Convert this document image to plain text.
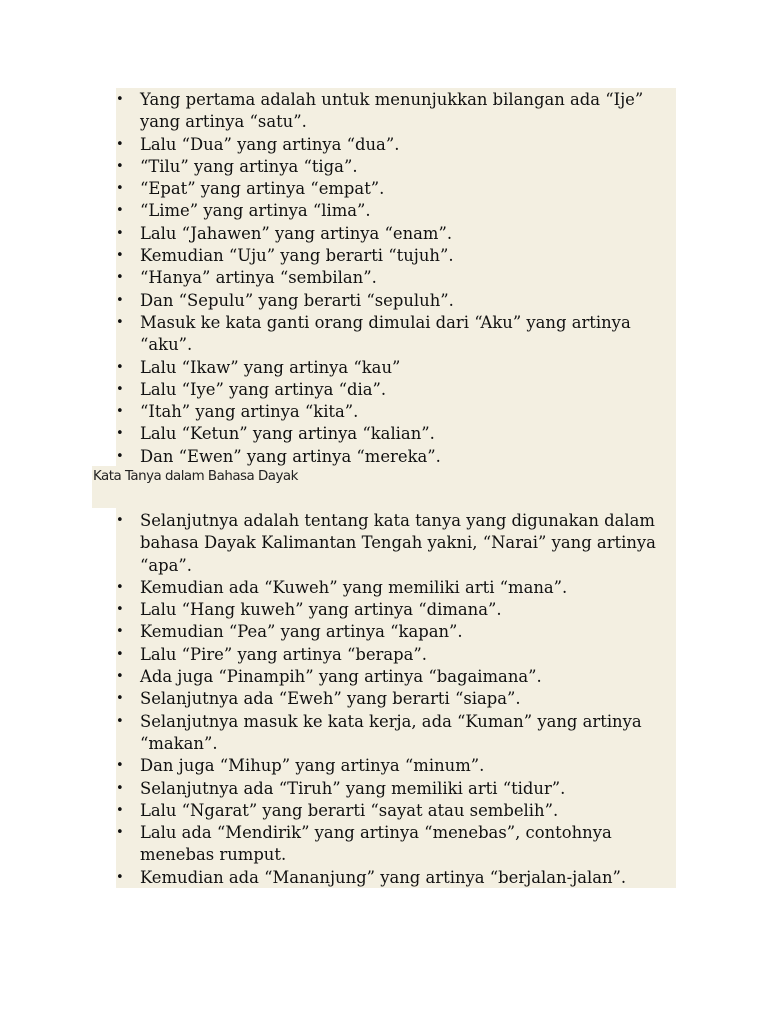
• Yang pertama adalah untuk menunjukkan bilangan ada “Ije” yang artinya “satu”.
• Lalu “Dua” yang artinya “dua”.
• “Tilu” yang artinya “tiga”.
• “Epat” yang artinya “empat”.
• “Lime” yang artinya “lima”.
• Lalu “Jahawen” yang artinya “enam”.
• Kemudian “Uju” yang berarti “tujuh”.
• “Hanya” artinya “sembilan”.
• Dan “Sepulu” yang berarti “sepuluh”.
• Masuk ke kata ganti orang dimulai dari “Aku” yang artinya “aku”.
• Lalu “Ikaw” yang artinya “kau”
• Lalu “Iye” yang artinya “dia”.
• “Itah” yang artinya “kita”.
• Lalu “Ketun” yang artinya “kalian”.
• Dan “Ewen” yang artinya “mereka”.
Kata Tanya dalam Bahasa Dayak
• Selanjutnya adalah tentang kata tanya yang digunakan dalam bahasa Dayak Kalimantan Tengah yakni, “Narai” yang artinya “apa”.
• Kemudian ada “Kuweh” yang memiliki arti “mana”.
• Lalu “Hang kuweh” yang artinya “dimana”.
• Kemudian “Pea” yang artinya “kapan”.
• Lalu “Pire” yang artinya “berapa”.
• Ada juga “Pinampih” yang artinya “bagaimana”.
• Selanjutnya ada “Eweh” yang berarti “siapa”.
• Selanjutnya masuk ke kata kerja, ada “Kuman” yang artinya “makan”.
• Dan juga “Mihup” yang artinya “minum”.
• Selanjutnya ada “Tiruh” yang memiliki arti “tidur”.
• Lalu “Ngarat” yang berarti “sayat atau sembelih”.
• Lalu ada “Mendirik” yang artinya “menebas”, contohnya menebas rumput.
• Kemudian ada “Mananjung” yang artinya “berjalan-jalan”.
